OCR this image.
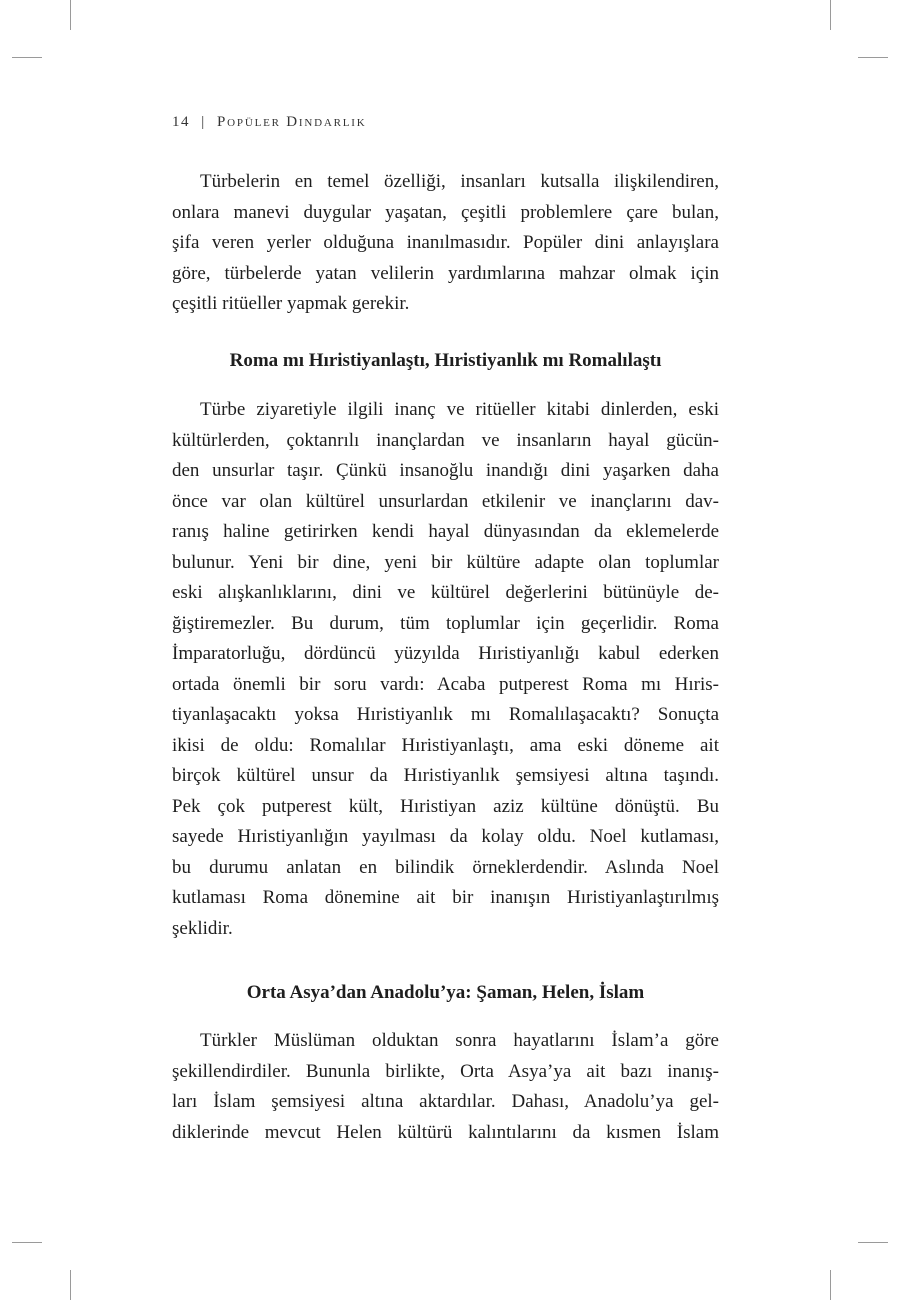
14 | Popüler Dindarlık
Türbelerin en temel özelliği, insanları kutsalla ilişkilendiren,
onlara manevi duygular yaşatan, çeşitli problemlere çare bulan,
şifa veren yerler olduğuna inanılmasıdır. Popüler dini anlayışlara
göre, türbelerde yatan velilerin yardımlarına mahzar olmak için
çeşitli ritüeller yapmak gerekir.
Roma mı Hıristiyanlaştı, Hıristiyanlık mı Romalılaştı
Türbe ziyaretiyle ilgili inanç ve ritüeller kitabi dinlerden, eski
kültürlerden, çoktanrılı inançlardan ve insanların hayal gücün-
den unsurlar taşır. Çünkü insanoğlu inandığı dini yaşarken daha
önce var olan kültürel unsurlardan etkilenir ve inançlarını dav-
ranış haline getirirken kendi hayal dünyasından da eklemelerde
bulunur. Yeni bir dine, yeni bir kültüre adapte olan toplumlar
eski alışkanlıklarını, dini ve kültürel değerlerini bütünüyle de-
ğiştiremezler. Bu durum, tüm toplumlar için geçerlidir. Roma
İmparatorluğu, dördüncü yüzyılda Hıristiyanlığı kabul ederken
ortada önemli bir soru vardı: Acaba putperest Roma mı Hıris-
tiyanlaşacaktı yoksa Hıristiyanlık mı Romalılaşacaktı? Sonuçta
ikisi de oldu: Romalılar Hıristiyanlaştı, ama eski döneme ait
birçok kültürel unsur da Hıristiyanlık şemsiyesi altına taşındı.
Pek çok putperest kült, Hıristiyan aziz kültüne dönüştü. Bu
sayede Hıristiyanlığın yayılması da kolay oldu. Noel kutlaması,
bu durumu anlatan en bilindik örneklerdendir. Aslında Noel
kutlaması Roma dönemine ait bir inanışın Hıristiyanlaştırılmış
şeklidir.
Orta Asya’dan Anadolu’ya: Şaman, Helen, İslam
Türkler Müslüman olduktan sonra hayatlarını İslam’a göre
şekillendirdiler. Bununla birlikte, Orta Asya’ya ait bazı inanış-
ları İslam şemsiyesi altına aktardılar. Dahası, Anadolu’ya gel-
diklerinde mevcut Helen kültürü kalıntılarını da kısmen İslam
